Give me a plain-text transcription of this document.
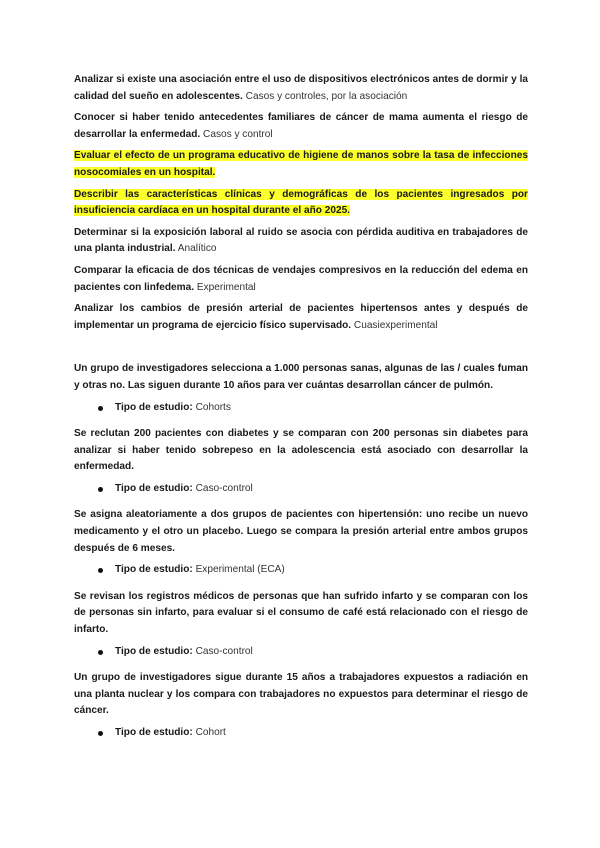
Analizar si existe una asociación entre el uso de dispositivos electrónicos antes de dormir y la calidad del sueño en adolescentes. Casos y controles, por la asociación

Conocer si haber tenido antecedentes familiares de cáncer de mama aumenta el riesgo de desarrollar la enfermedad. Casos y control

Evaluar el efecto de un programa educativo de higiene de manos sobre la tasa de infecciones nosocomiales en un hospital.

Describir las características clínicas y demográficas de los pacientes ingresados por insuficiencia cardíaca en un hospital durante el año 2025.

Determinar si la exposición laboral al ruido se asocia con pérdida auditiva en trabajadores de una planta industrial. Analítico

Comparar la eficacia de dos técnicas de vendajes compresivos en la reducción del edema en pacientes con linfedema. Experimental

Analizar los cambios de presión arterial de pacientes hipertensos antes y después de implementar un programa de ejercicio físico supervisado. Cuasiexperimental

Un grupo de investigadores selecciona a 1.000 personas sanas, algunas de las / cuales fuman y otras no. Las siguen durante 10 años para ver cuántas desarrollan cáncer de pulmón.

Tipo de estudio: Cohorts

Se reclutan 200 pacientes con diabetes y se comparan con 200 personas sin diabetes para analizar si haber tenido sobrepeso en la adolescencia está asociado con desarrollar la enfermedad.

Tipo de estudio: Caso-control

Se asigna aleatoriamente a dos grupos de pacientes con hipertensión: uno recibe un nuevo medicamento y el otro un placebo. Luego se compara la presión arterial entre ambos grupos después de 6 meses.

Tipo de estudio: Experimental (ECA)

Se revisan los registros médicos de personas que han sufrido infarto y se comparan con los de personas sin infarto, para evaluar si el consumo de café está relacionado con el riesgo de infarto.

Tipo de estudio: Caso-control

Un grupo de investigadores sigue durante 15 años a trabajadores expuestos a radiación en una planta nuclear y los compara con trabajadores no expuestos para determinar el riesgo de cáncer.

Tipo de estudio: Cohort
